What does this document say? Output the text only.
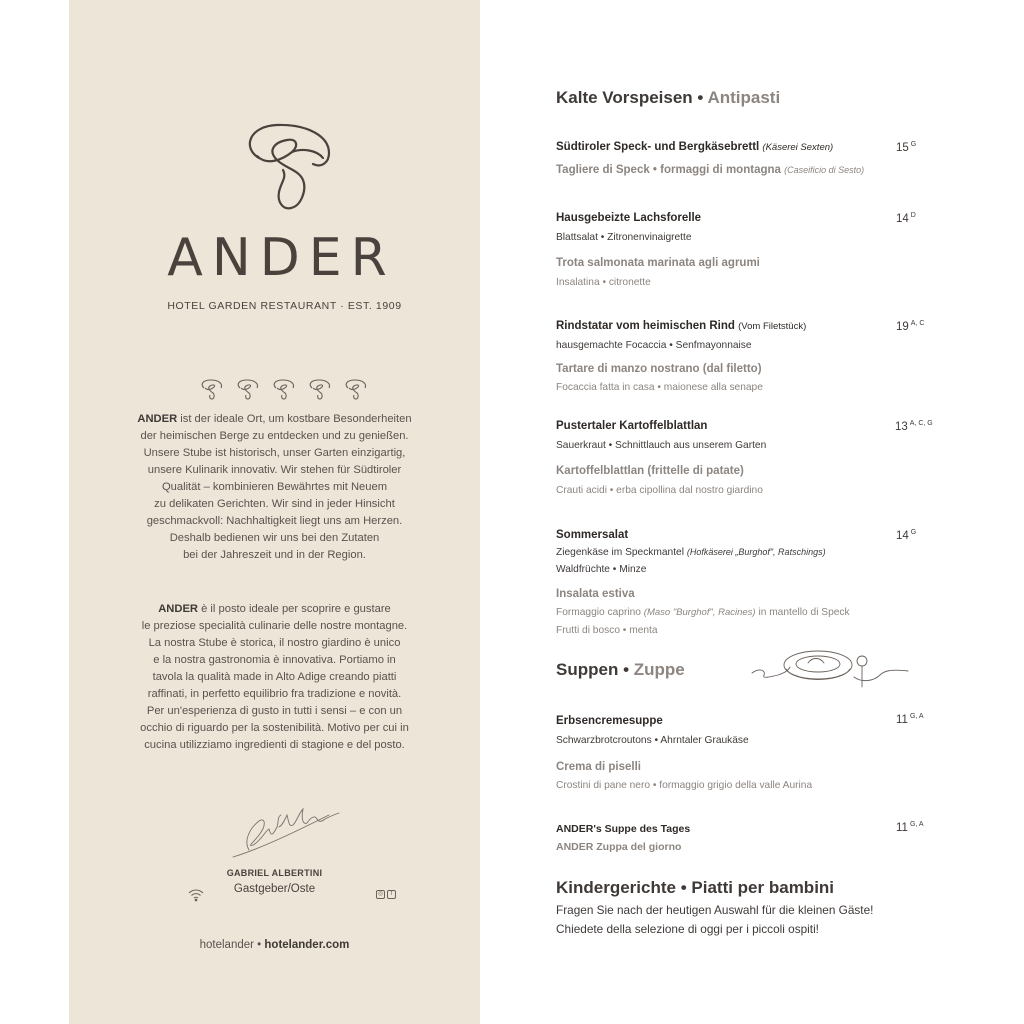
ANDER
HOTEL GARDEN RESTAURANT · EST. 1909
ANDER ist der ideale Ort, um kostbare Besonderheiten
der heimischen Berge zu entdecken und zu genießen.
Unsere Stube ist historisch, unser Garten einzigartig,
unsere Kulinarik innovativ. Wir stehen für Südtiroler
Qualität – kombinieren Bewährtes mit Neuem
zu delikaten Gerichten. Wir sind in jeder Hinsicht
geschmackvoll: Nachhaltigkeit liegt uns am Herzen.
Deshalb bedienen wir uns bei den Zutaten
bei der Jahreszeit und in der Region.
ANDER è il posto ideale per scoprire e gustare
le preziose specialità culinarie delle nostre montagne.
La nostra Stube è storica, il nostro giardino è unico
e la nostra gastronomia è innovativa. Portiamo in
tavola la qualità made in Alto Adige creando piatti
raffinati, in perfetto equilibrio fra tradizione e novità.
Per un'esperienza di gusto in tutti i sensi – e con un
occhio di riguardo per la sostenibilità. Motivo per cui in
cucina utilizziamo ingredienti di stagione e del posto.
GABRIEL ALBERTINI
Gastgeber/Oste	◎	f
hotelander • hotelander.com
Kalte Vorspeisen • Antipasti
Südtiroler Speck- und Bergkäsebrettl (Käserei Sexten)	15 $^G$
Tagliere di Speck • formaggi di montagna (Caseificio di Sesto)
Hausgebeizte Lachsforelle	14 $^D$
Blattsalat • Zitronenvinaigrette
Trota salmonata marinata agli agrumi
Insalatina • citronette
Rindstatar vom heimischen Rind (Vom Filetstück)	19 $^{A, C}$
hausgemachte Focaccia • Senfmayonnaise
Tartare di manzo nostrano (dal filetto)
Focaccia fatta in casa • maionese alla senape
Pustertaler Kartoffelblattlan	13 $^{A, C, G}$
Sauerkraut • Schnittlauch aus unserem Garten
Kartoffelblattlan (frittelle di patate)
Crauti acidi • erba cipollina dal nostro giardino
Sommersalat	14 $^G$
Ziegenkäse im Speckmantel (Hofkäserei „Burghof", Ratschings)
Waldfrüchte • Minze
Insalata estiva
Formaggio caprino (Maso "Burghof", Racines) in mantello di Speck
Frutti di bosco • menta
Suppen • Zuppe
Erbsencremesuppe	11 $^{G, A}$
Schwarzbrotcroutons • Ahrntaler Graukäse
Crema di piselli
Crostini di pane nero • formaggio grigio della valle Aurina
ANDER's Suppe des Tages	11 $^{G, A}$
ANDER Zuppa del giorno
Kindergerichte • Piatti per bambini
Fragen Sie nach der heutigen Auswahl für die kleinen Gäste!
Chiedete della selezione di oggi per i piccoli ospiti!
